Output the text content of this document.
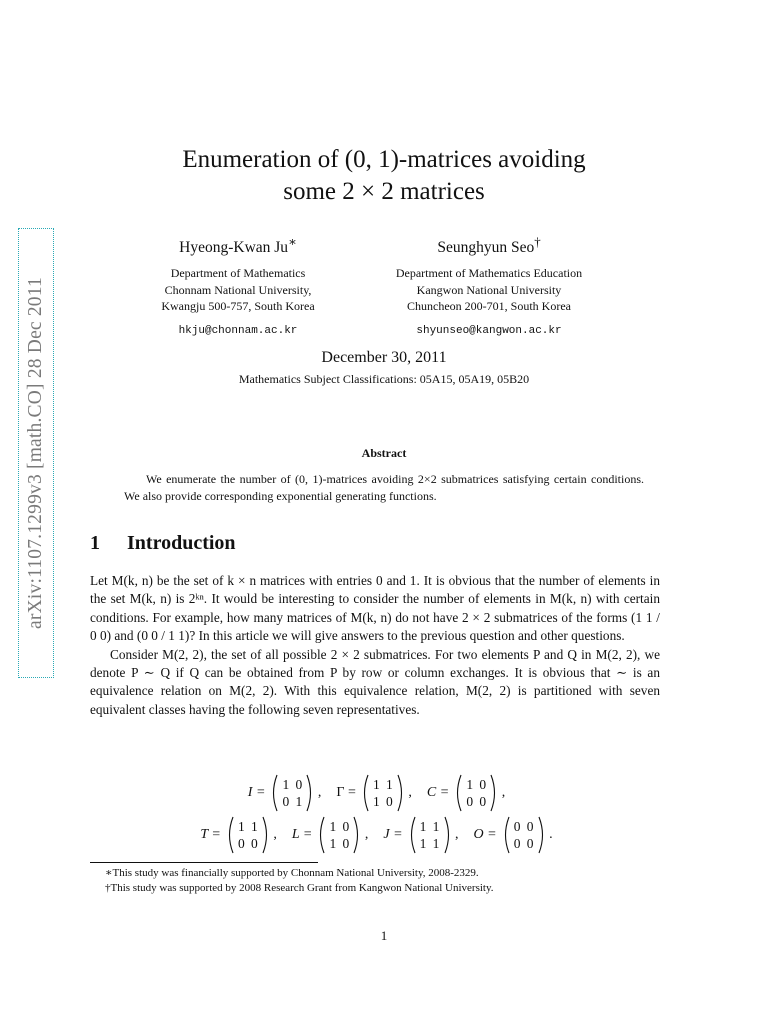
arXiv:1107.1299v3 [math.CO] 28 Dec 2011
Enumeration of (0, 1)-matrices avoiding
some 2 × 2 matrices
Hyeong-Kwan Ju∗
Department of Mathematics
Chonnam National University,
Kwangju 500-757, South Korea
hkju@chonnam.ac.kr
Seunghyun Seo†
Department of Mathematics Education
Kangwon National University
Chuncheon 200-701, South Korea
shyunseo@kangwon.ac.kr
December 30, 2011
Mathematics Subject Classifications: 05A15, 05A19, 05B20
Abstract
We enumerate the number of (0, 1)-matrices avoiding 2×2 submatrices satisfying certain conditions. We also provide corresponding exponential generating functions.
1 Introduction

Let M(k, n) be the set of k × n matrices with entries 0 and 1. It is obvious that the number of elements in the set M(k, n) is 2ᵏⁿ. It would be interesting to consider the number of elements in M(k, n) with certain conditions. For example, how many matrices of M(k, n) do not have 2 × 2 submatrices of the forms (1 1 / 0 0) and (0 0 / 1 1)? In this article we will give answers to the previous question and other questions.

Consider M(2, 2), the set of all possible 2 × 2 submatrices. For two elements P and Q in M(2, 2), we denote P ∼ Q if Q can be obtained from P by row or column exchanges. It is obvious that ∼ is an equivalence relation on M(2, 2). With this equivalence relation, M(2, 2) is partitioned with seven equivalent classes having the following seven representatives.

I =
1 0
0 1
,	Γ =
1 1
1 0
,	C =
1 0
0 0
,
T =
1 1
0 0
,	L =
1 0
1 0
,	J =
1 1
1 1
,	O =
0 0
0 0
.
∗This study was financially supported by Chonnam National University, 2008-2329.
†This study was supported by 2008 Research Grant from Kangwon National University.
1
